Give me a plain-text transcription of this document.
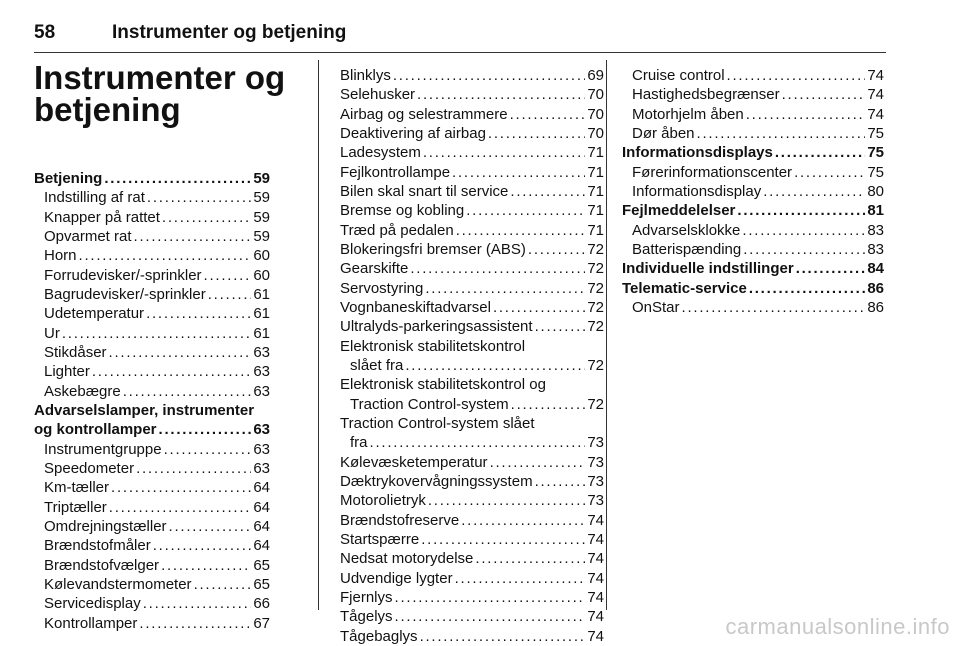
58	Instrumenter og betjening
Instrumenter og
betjening
Betjening . . .	59
Indstilling af rat . . .	59
Knapper på rattet . . .	59
Opvarmet rat . . .	59
Horn . . .	60
Forrudevisker/-sprinkler . . .	60
Bagrudevisker/-sprinkler . . .	61
Udetemperatur . . .	61
Ur . . .	61
Stikdåser . . .	63
Lighter . . .	63
Askebægre . . .	63
Advarselslamper, instrumenter
og kontrollamper . . .	63
Instrumentgruppe . . .	63
Speedometer . . .	63
Km-tæller . . .	64
Triptæller . . .	64
Omdrejningstæller . . .	64
Brændstofmåler . . .	64
Brændstofvælger . . .	65
Kølevandstermometer . . .	65
Servicedisplay . . .	66
Kontrollamper . . .	67
Blinklys . . .	69
Selehusker . . .	70
Airbag og selestrammere . . .	70
Deaktivering af airbag . . .	70
Ladesystem . . .	71
Fejlkontrollampe . . .	71
Bilen skal snart til service . . .	71
Bremse og kobling . . .	71
Træd på pedalen . . .	71
Blokeringsfri bremser (ABS) . . .	72
Gearskifte . . .	72
Servostyring . . .	72
Vognbaneskiftadvarsel . . .	72
Ultralyds-parkeringsassistent . . .	72
Elektronisk stabilitetskontrol
slået fra . . .	72
Elektronisk stabilitetskontrol og
Traction Control-system . . .	72
Traction Control-system slået
fra . . .	73
Kølevæsketemperatur . . .	73
Dæktrykovervågningssystem . . .	73
Motorolietryk . . .	73
Brændstofreserve . . .	74
Startspærre . . .	74
Nedsat motorydelse . . .	74
Udvendige lygter . . .	74
Fjernlys . . .	74
Tågelys . . .	74
Tågebaglys . . .	74
Cruise control . . .	74
Hastighedsbegrænser . . .	74
Motorhjelm åben . . .	74
Dør åben . . .	75
Informationsdisplays . . .	75
Førerinformationscenter . . .	75
Informationsdisplay . . .	80
Fejlmeddelelser . . .	81
Advarselsklokke . . .	83
Batterispænding . . .	83
Individuelle indstillinger . . .	84
Telematic-service . . .	86
OnStar . . .	86
carmanualsonline.info
